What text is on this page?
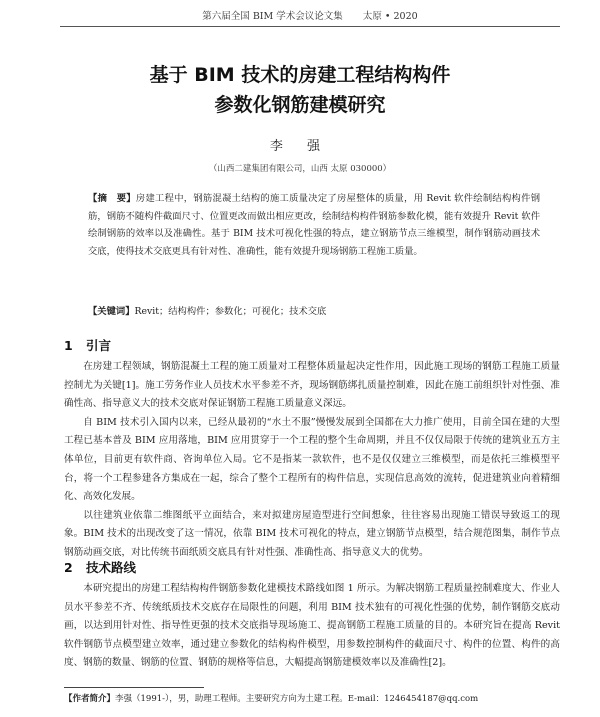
第六届全国 BIM 学术会议论文集 太原 • 2020
基于 BIM 技术的房建工程结构构件
参数化钢筋建模研究
李 强
（山西二建集团有限公司，山西 太原 030000）
【摘　要】房建工程中，钢筋混凝土结构的施工质量决定了房屋整体的质量，用 Revit 软件绘制结构构件钢筋，钢筋不随构件截面尺寸、位置更改而做出相应更改，绘制结构构件钢筋参数化模，能有效提升 Revit 软件绘制钢筋的效率以及准确性。基于 BIM 技术可视化性强的特点，建立钢筋节点三维模型，制作钢筋动画技术交底，使得技术交底更具有针对性、准确性，能有效提升现场钢筋工程施工质量。
【关键词】Revit；结构构件；参数化；可视化；技术交底
1 引言

在房建工程领域，钢筋混凝土工程的施工质量对工程整体质量起决定性作用，因此施工现场的钢筋工程施工质量控制尤为关键[1]。施工劳务作业人员技术水平参差不齐，现场钢筋绑扎质量控制难，因此在施工前组织针对性强、准确性高、指导意义大的技术交底对保证钢筋工程施工质量意义深远。

自 BIM 技术引入国内以来，已经从最初的“水土不服”慢慢发展到全国都在大力推广使用，目前全国在建的大型工程已基本普及 BIM 应用落地，BIM 应用贯穿于一个工程的整个生命周期，并且不仅仅局限于传统的建筑业五方主体单位，目前更有软件商、咨询单位入局。它不是指某一款软件，也不是仅仅建立三维模型，而是依托三维模型平台，将一个工程参建各方集成在一起，综合了整个工程所有的构件信息，实现信息高效的流转，促进建筑业向着精细化、高效化发展。

以往建筑业依靠二维图纸平立面结合，来对拟建房屋造型进行空间想象，往往容易出现施工错误导致返工的现象。BIM 技术的出现改变了这一情况，依靠 BIM 技术可视化的特点，建立钢筋节点模型，结合规范图集，制作节点钢筋动画交底，对比传统书面纸质交底具有针对性强、准确性高、指导意义大的优势。

2 技术路线

本研究提出的房建工程结构构件钢筋参数化建模技术路线如图 1 所示。为解决钢筋工程质量控制难度大、作业人员水平参差不齐、传统纸质技术交底存在局限性的问题，利用 BIM 技术独有的可视化性强的优势，制作钢筋交底动画，以达到用针对性、指导性更强的技术交底指导现场施工、提高钢筋工程施工质量的目的。本研究旨在提高 Revit 软件钢筋节点模型建立效率，通过建立参数化的结构构件模型，用参数控制构件的截面尺寸、构件的位置、构件的高度、钢筋的数量、钢筋的位置、钢筋的规格等信息，大幅提高钢筋建模效率以及准确性[2]。

【作者简介】李强（1991-），男，助理工程师。主要研究方向为土建工程。E-mail：1246454187@qq.com
